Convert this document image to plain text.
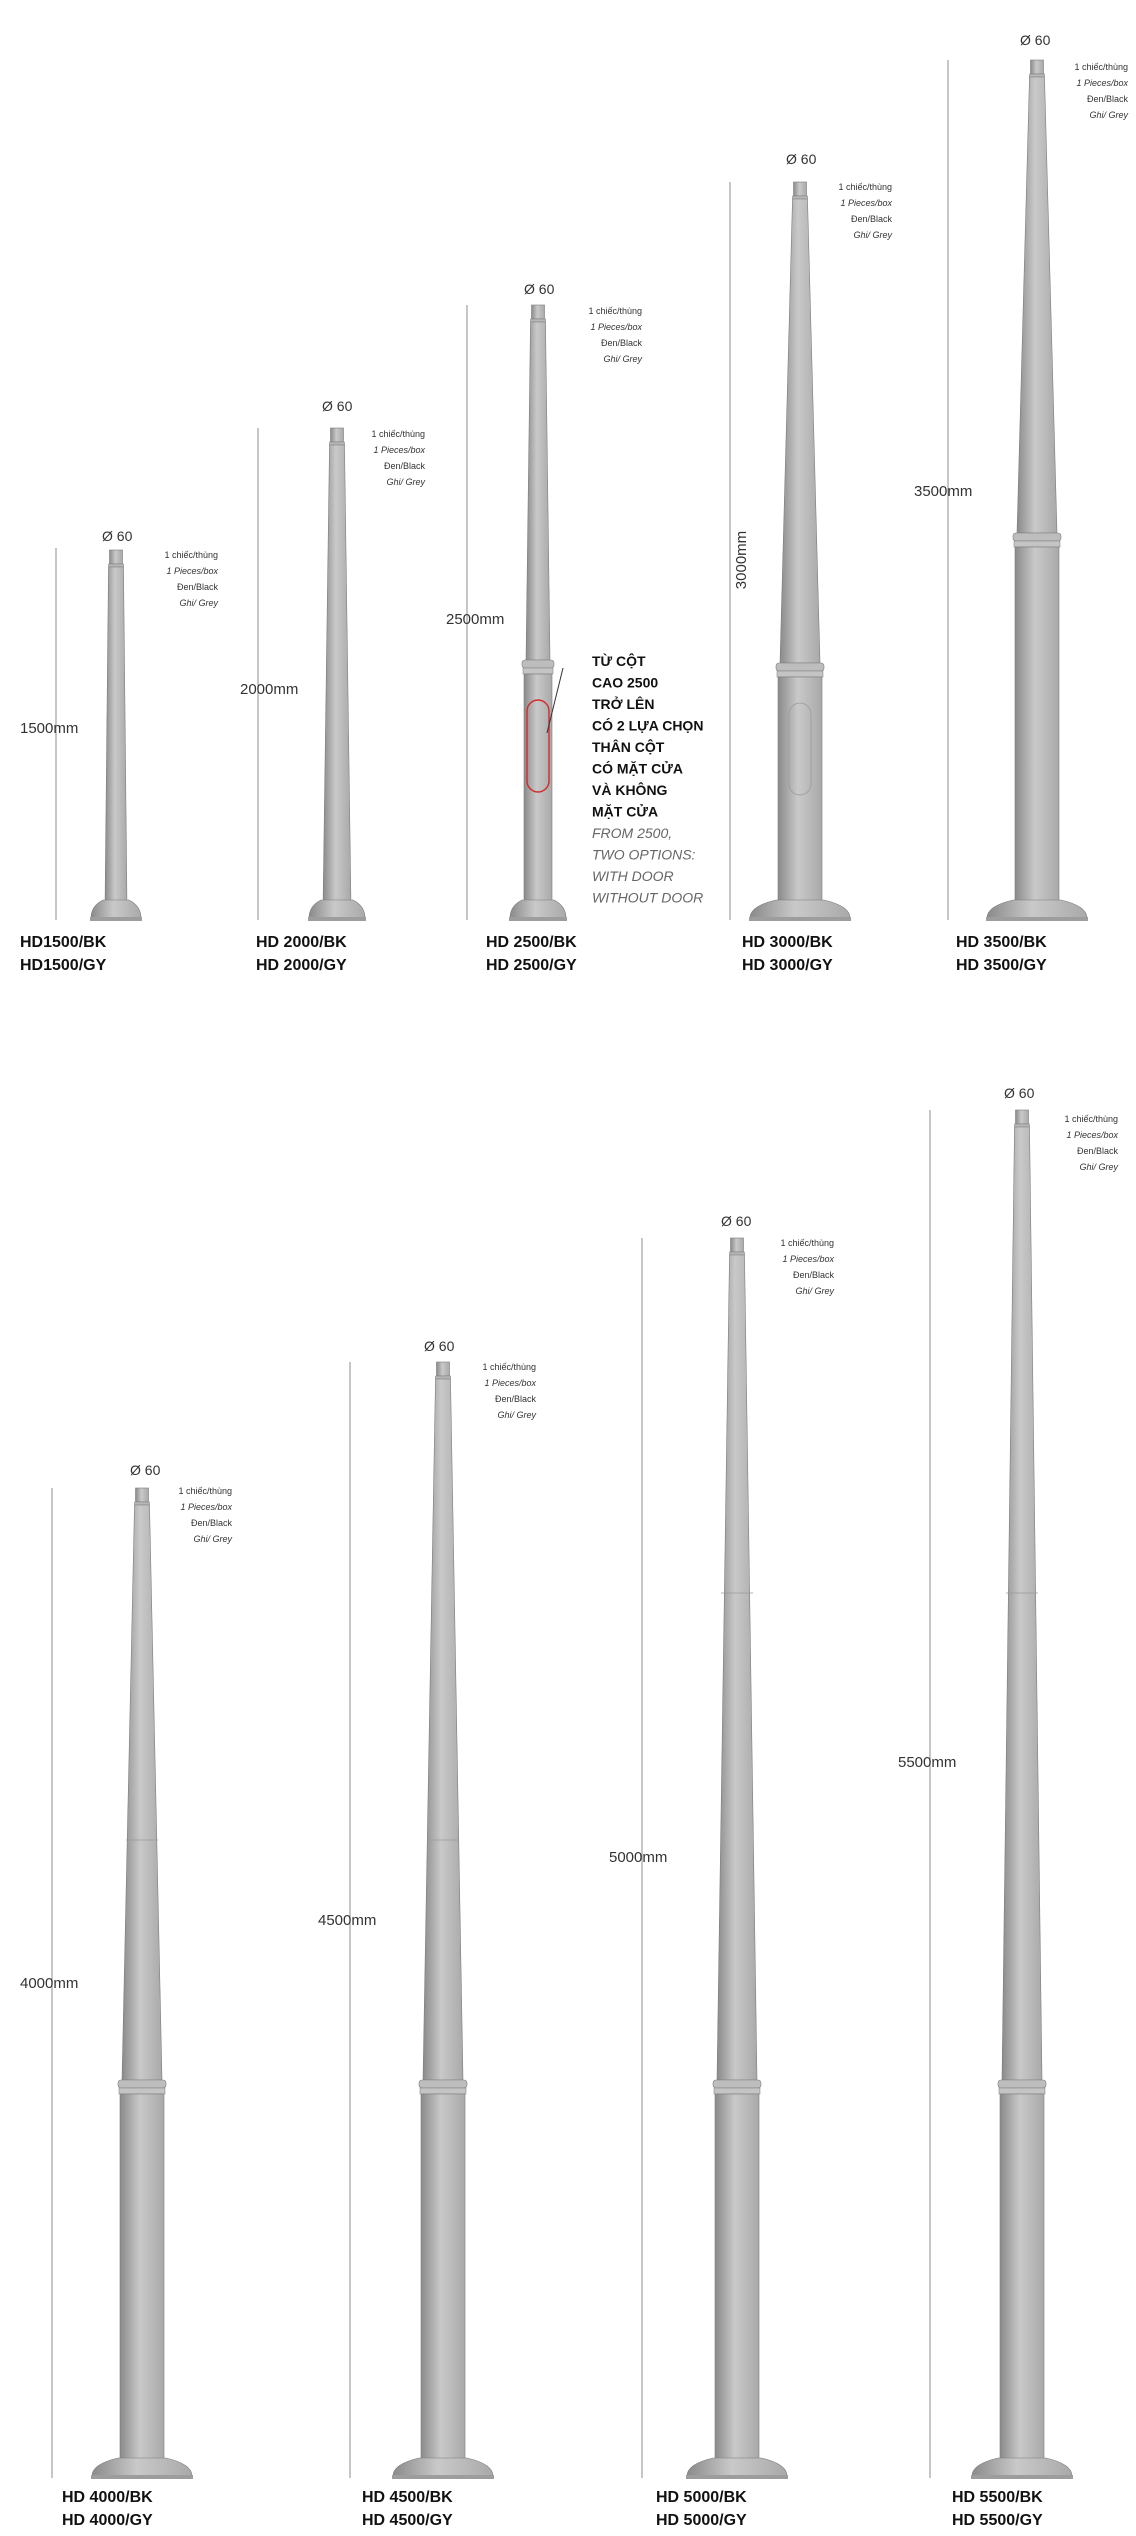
1500mm
Ø 60
1 chiếc/thùng
1 Pieces/box
Đen/Black
Ghi/ Grey
HD1500/BK
HD1500/GY
2000mm
Ø 60
1 chiếc/thùng
1 Pieces/box
Đen/Black
Ghi/ Grey
HD 2000/BK
HD 2000/GY
2500mm
Ø 60
1 chiếc/thùng
1 Pieces/box
Đen/Black
Ghi/ Grey
HD 2500/BK
HD 2500/GY
TỪ CỘT
CAO 2500
TRỞ LÊN
CÓ 2 LỰA CHỌN
THÂN CỘT
CÓ MẶT CỬA
VÀ KHÔNG
MẶT CỬA
FROM 2500,
TWO OPTIONS:
WITH DOOR
WITHOUT DOOR
3000mm
Ø 60
1 chiếc/thùng
1 Pieces/box
Đen/Black
Ghi/ Grey
HD 3000/BK
HD 3000/GY
3500mm
Ø 60
1 chiếc/thùng
1 Pieces/box
Đen/Black
Ghi/ Grey
HD 3500/BK
HD 3500/GY
4000mm
Ø 60
1 chiếc/thùng
1 Pieces/box
Đen/Black
Ghi/ Grey
HD 4000/BK
HD 4000/GY
4500mm
Ø 60
1 chiếc/thùng
1 Pieces/box
Đen/Black
Ghi/ Grey
HD 4500/BK
HD 4500/GY
5000mm
Ø 60
1 chiếc/thùng
1 Pieces/box
Đen/Black
Ghi/ Grey
HD 5000/BK
HD 5000/GY
5500mm
Ø 60
1 chiếc/thùng
1 Pieces/box
Đen/Black
Ghi/ Grey
HD 5500/BK
HD 5500/GY
